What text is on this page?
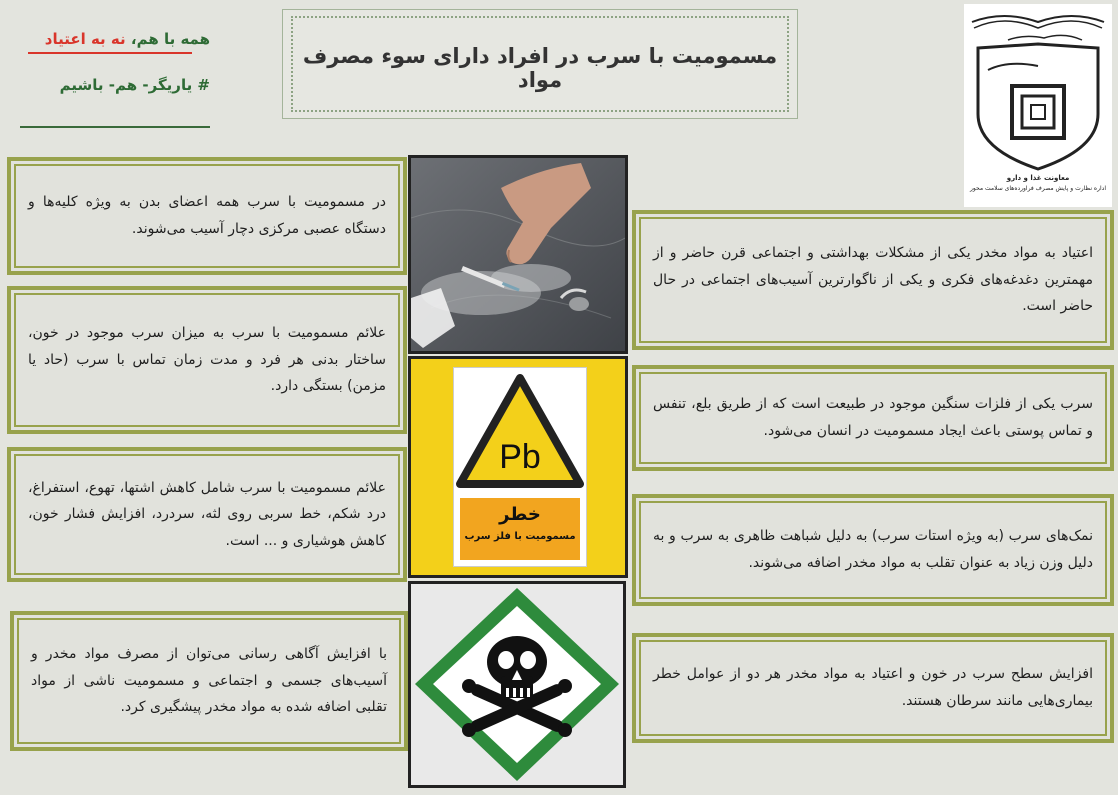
همه با هم، نه به اعتیاد
# یاریگر- هم- باشیم
مسمومیت با سرب در افراد دارای سوء مصرف مواد
معاونت غذا و دارو
اداره نظارت و پایش مصرف فراورده‌های سلامت محور

در مسمومیت با سرب همه اعضای بدن به ویژه کلیه‌ها و دستگاه عصبی مرکزی دچار آسیب می‌شوند.

علائم مسمومیت با سرب به میزان سرب موجود در خون، ساختار بدنی هر فرد و مدت زمان تماس با سرب (حاد یا مزمن) بستگی دارد.

علائم مسمومیت با سرب شامل کاهش اشتها، تهوع، استفراغ، درد شکم، خط سربی روی لثه، سردرد، افزایش فشار خون، کاهش هوشیاری و ... است.

با افزایش آگاهی رسانی می‌توان از مصرف مواد مخدر و آسیب‌های جسمی و اجتماعی و مسمومیت ناشی از مواد تقلبی اضافه شده به مواد مخدر پیشگیری کرد.

اعتیاد به مواد مخدر یکی از مشکلات بهداشتی و اجتماعی قرن حاضر و از مهمترین دغدغه‌های فکری و یکی از ناگوارترین آسیب‌های اجتماعی در حال حاضر است.

سرب یکی از فلزات سنگین موجود در طبیعت است که از طریق بلع، تنفس و تماس پوستی باعث ایجاد مسمومیت در انسان می‌شود.

نمک‌های سرب (به ویژه استات سرب) به دلیل شباهت ظاهری به سرب و به دلیل وزن زیاد به عنوان تقلب به مواد مخدر اضافه می‌شوند.

افزایش سطح سرب در خون و اعتیاد به مواد مخدر هر دو از عوامل خطر بیماری‌هایی مانند سرطان هستند.

Pb
خطر
مسمومیت با فلز سرب
